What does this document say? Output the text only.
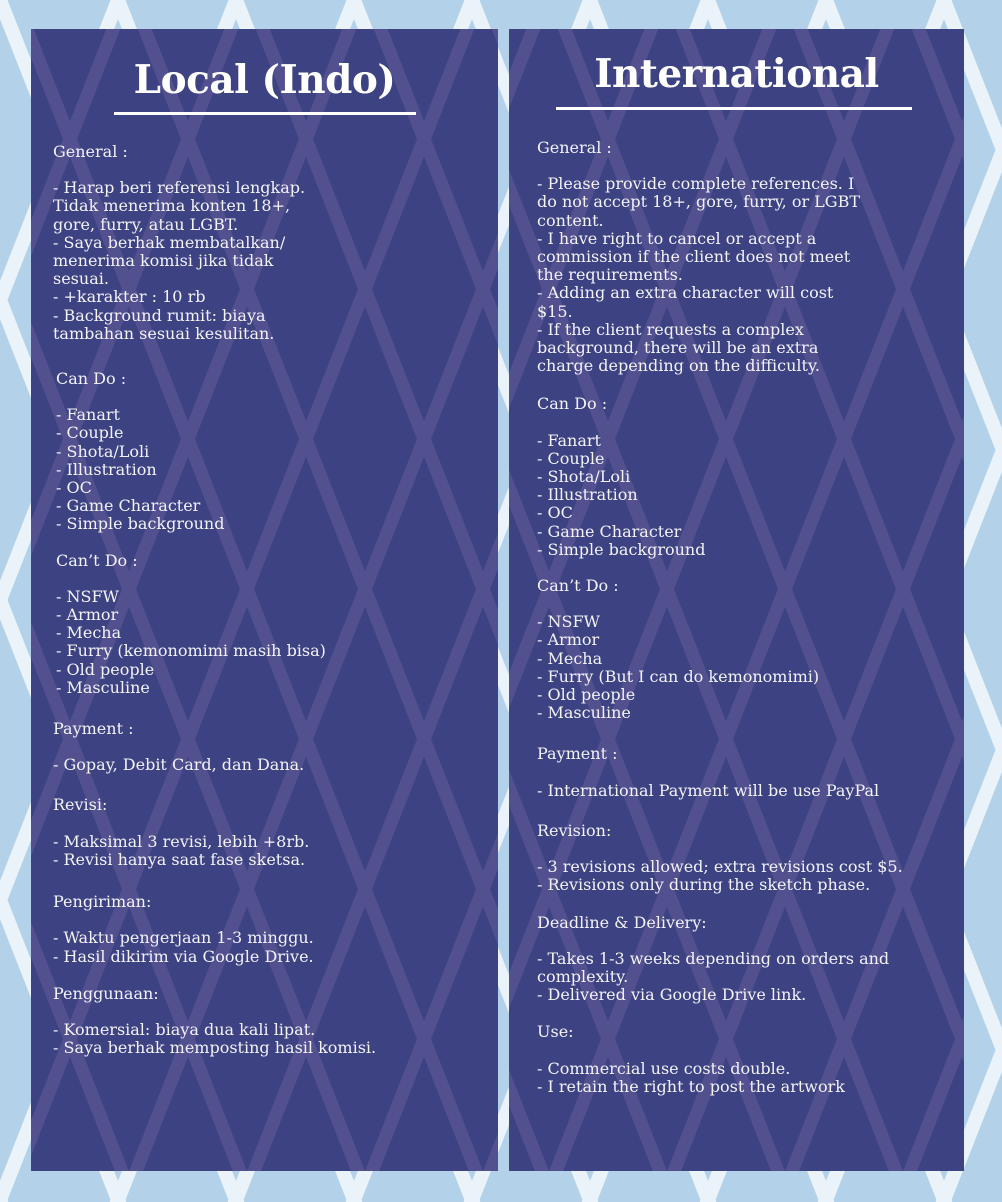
Local (Indo)
General :
- Harap beri referensi lengkap.
Tidak menerima konten 18+,
gore, furry, atau LGBT.
- Saya berhak membatalkan/
menerima komisi jika tidak
sesuai.
- +karakter : 10 rb
- Background rumit: biaya
tambahan sesuai kesulitan.
Can Do :
- Fanart
- Couple
- Shota/Loli
- Illustration
- OC
- Game Character
- Simple background
Can’t Do :
- NSFW
- Armor
- Mecha
- Furry (kemonomimi masih bisa)
- Old people
- Masculine
Payment :
- Gopay, Debit Card, dan Dana.
Revisi:
- Maksimal 3 revisi, lebih +8rb.
- Revisi hanya saat fase sketsa.
Pengiriman:
- Waktu pengerjaan 1-3 minggu.
- Hasil dikirim via Google Drive.
Penggunaan:
- Komersial: biaya dua kali lipat.
- Saya berhak memposting hasil komisi.
International
General :
- Please provide complete references. I
do not accept 18+, gore, furry, or LGBT
content.
- I have right to cancel or accept a
commission if the client does not meet
the requirements.
- Adding an extra character will cost
$15.
- If the client requests a complex
background, there will be an extra
charge depending on the difficulty.
Can Do :
- Fanart
- Couple
- Shota/Loli
- Illustration
- OC
- Game Character
- Simple background
Can’t Do :
- NSFW
- Armor
- Mecha
- Furry (But I can do kemonomimi)
- Old people
- Masculine
Payment :
- International Payment will be use PayPal
Revision:
- 3 revisions allowed; extra revisions cost $5.
- Revisions only during the sketch phase.
Deadline & Delivery:
- Takes 1-3 weeks depending on orders and
complexity.
- Delivered via Google Drive link.
Use:
- Commercial use costs double.
- I retain the right to post the artwork
